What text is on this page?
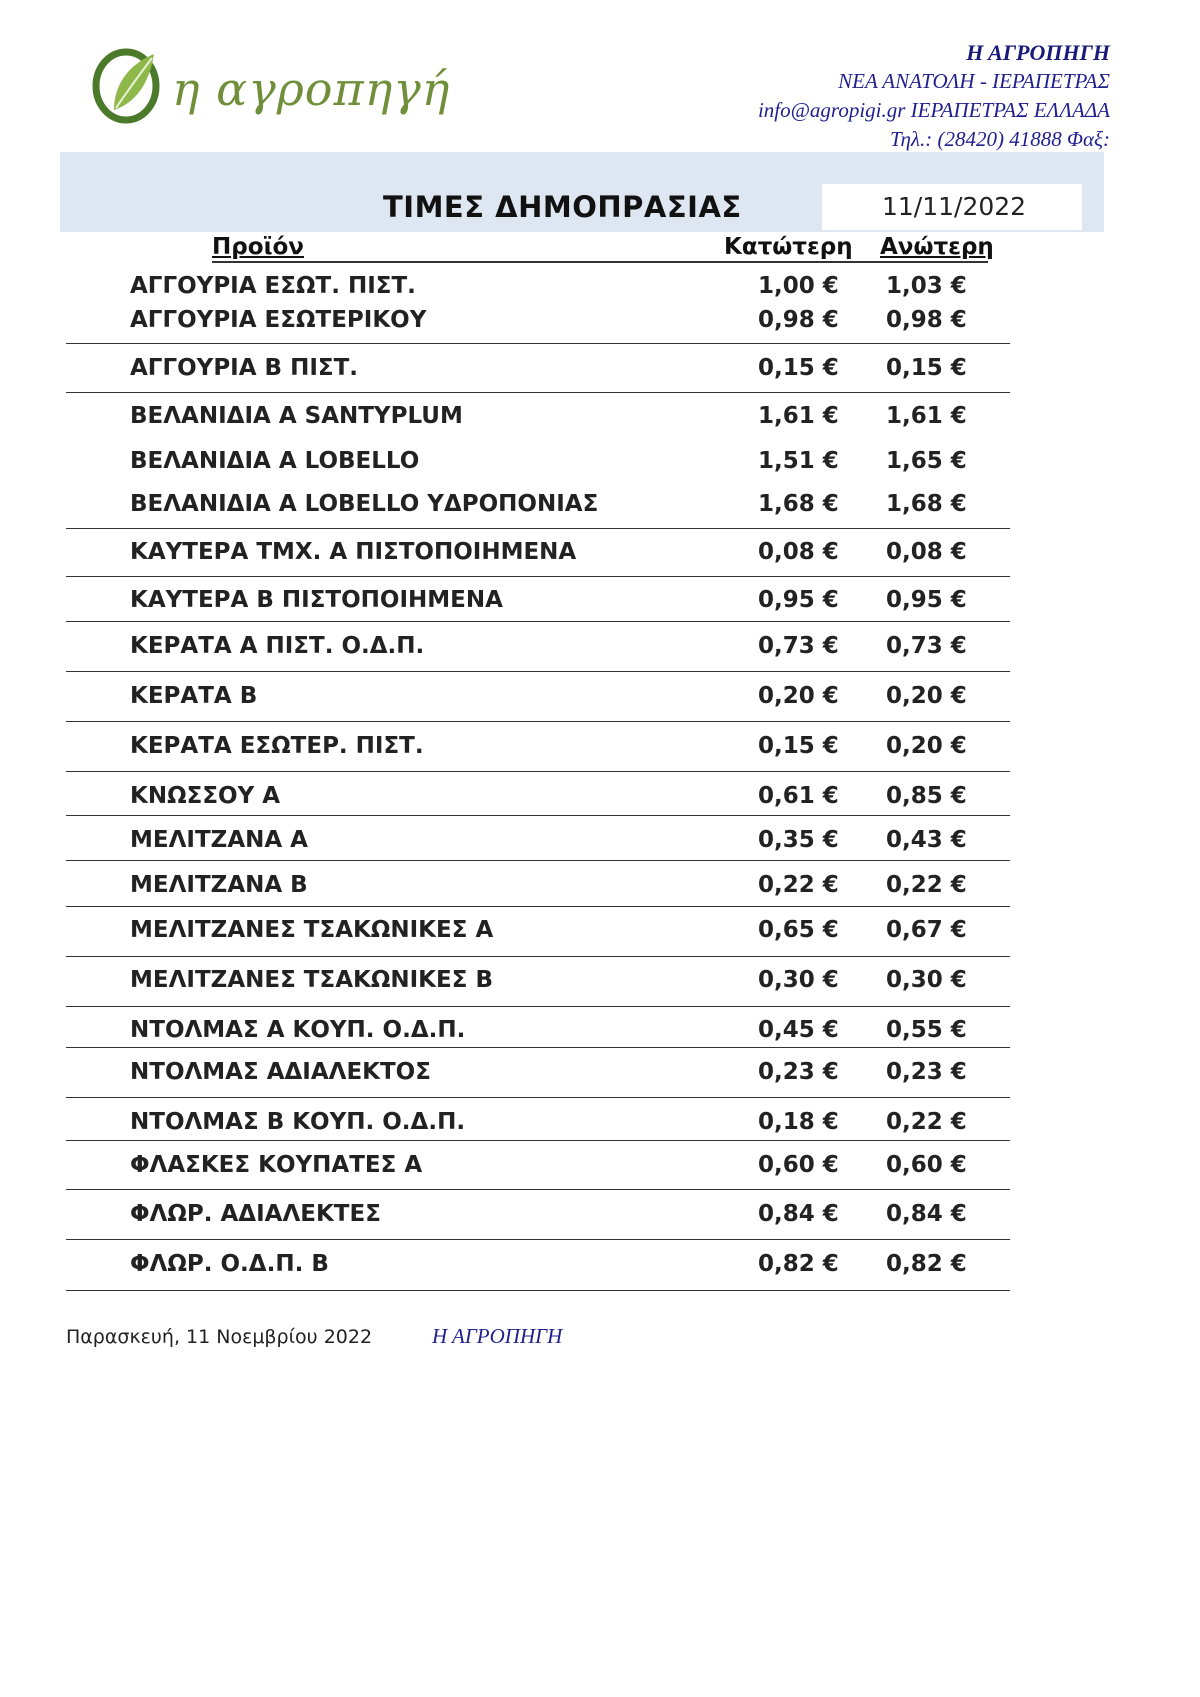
η αγροπηγή
Η ΑΓΡΟΠΗΓΗ
ΝΕΑ ΑΝΑΤΟΛΗ - ΙΕΡΑΠΕΤΡΑΣ
info@agropigi.gr ΙΕΡΑΠΕΤΡΑΣ ΕΛΛΑΔΑ
Τηλ.: (28420) 41888 Φαξ:
11/11/2022
ΤΙΜΕΣ ΔΗΜΟΠΡΑΣΙΑΣ
Προϊόν	Κατώτερη Ανώτερη
ΑΓΓΟΥΡΙΑ ΕΣΩΤ. ΠΙΣΤ.	1,00 € 1,03 €
ΑΓΓΟΥΡΙΑ ΕΣΩΤΕΡΙΚΟΥ	0,98 € 0,98 €
ΑΓΓΟΥΡΙΑ Β ΠΙΣΤ.	0,15 € 0,15 €
ΒΕΛΑΝΙΔΙΑ Α SANTYPLUM	1,61 € 1,61 €
ΒΕΛΑΝΙΔΙΑ Α LOBELLO	1,51 € 1,65 €
ΒΕΛΑΝΙΔΙΑ Α LOBELLO ΥΔΡΟΠΟΝΙΑΣ	1,68 € 1,68 €
ΚΑΥΤΕΡΑ ΤΜΧ. Α ΠΙΣΤΟΠΟΙΗΜΕΝΑ	0,08 € 0,08 €
ΚΑΥΤΕΡΑ Β ΠΙΣΤΟΠΟΙΗΜΕΝΑ	0,95 € 0,95 €
ΚΕΡΑΤΑ Α ΠΙΣΤ. Ο.Δ.Π.	0,73 € 0,73 €
ΚΕΡΑΤΑ Β	0,20 € 0,20 €
ΚΕΡΑΤΑ ΕΣΩΤΕΡ. ΠΙΣΤ.	0,15 € 0,20 €
ΚΝΩΣΣΟΥ Α	0,61 € 0,85 €
ΜΕΛΙΤΖΑΝΑ Α	0,35 € 0,43 €
ΜΕΛΙΤΖΑΝΑ Β	0,22 € 0,22 €
ΜΕΛΙΤΖΑΝΕΣ ΤΣΑΚΩΝΙΚΕΣ Α	0,65 € 0,67 €
ΜΕΛΙΤΖΑΝΕΣ ΤΣΑΚΩΝΙΚΕΣ Β	0,30 € 0,30 €
ΝΤΟΛΜΑΣ Α ΚΟΥΠ. Ο.Δ.Π.	0,45 € 0,55 €
ΝΤΟΛΜΑΣ ΑΔΙΑΛΕΚΤΟΣ	0,23 € 0,23 €
ΝΤΟΛΜΑΣ Β ΚΟΥΠ. Ο.Δ.Π.	0,18 € 0,22 €
ΦΛΑΣΚΕΣ ΚΟΥΠΑΤΕΣ Α	0,60 € 0,60 €
ΦΛΩΡ. ΑΔΙΑΛΕΚΤΕΣ	0,84 € 0,84 €
ΦΛΩΡ. Ο.Δ.Π. Β	0,82 € 0,82 €
Παρασκευή, 11 Νοεμβρίου 2022	Η ΑΓΡΟΠΗΓΗ
